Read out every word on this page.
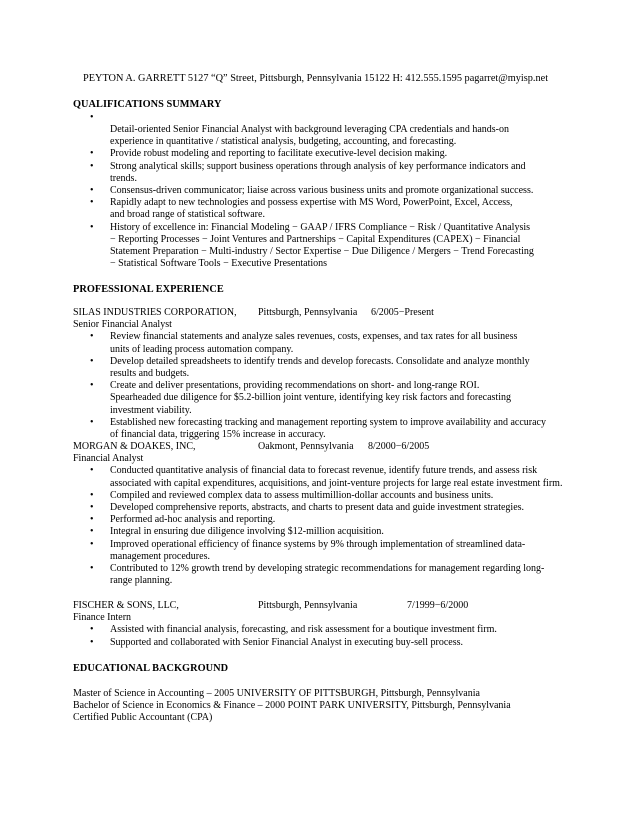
PEYTON A. GARRETT 5127 “Q” Street, Pittsburgh, Pennsylvania 15122 H: 412.555.1595 pagarret@myisp.net
QUALIFICATIONS SUMMARY
•
Detail-oriented Senior Financial Analyst with background leveraging CPA credentials and hands-on experience in quantitative / statistical analysis, budgeting, accounting, and forecasting.
• Provide robust modeling and reporting to facilitate executive-level decision making.
• Strong analytical skills; support business operations through analysis of key performance indicators and trends.
• Consensus-driven communicator; liaise across various business units and promote organizational success.
• Rapidly adapt to new technologies and possess expertise with MS Word, PowerPoint, Excel, Access, and broad range of statistical software.
• History of excellence in: Financial Modeling − GAAP / IFRS Compliance − Risk / Quantitative Analysis − Reporting Processes − Joint Ventures and Partnerships − Capital Expenditures (CAPEX) − Financial Statement Preparation − Multi-industry / Sector Expertise − Due Diligence / Mergers − Trend Forecasting − Statistical Software Tools − Executive Presentations
PROFESSIONAL EXPERIENCE
SILAS INDUSTRIES CORPORATION, Pittsburgh, Pennsylvania 6/2005−Present
Senior Financial Analyst
• Review financial statements and analyze sales revenues, costs, expenses, and tax rates for all business units of leading process automation company.
• Develop detailed spreadsheets to identify trends and develop forecasts. Consolidate and analyze monthly results and budgets.
• Create and deliver presentations, providing recommendations on short- and long-range ROI. Spearheaded due diligence for $5.2-billion joint venture, identifying key risk factors and forecasting investment viability.
• Established new forecasting tracking and management reporting system to improve availability and accuracy of financial data, triggering 15% increase in accuracy.
MORGAN & DOAKES, INC,	Oakmont, Pennsylvania 8/2000−6/2005
Financial Analyst
• Conducted quantitative analysis of financial data to forecast revenue, identify future trends, and assess risk associated with capital expenditures, acquisitions, and joint-venture projects for large real estate investment firm.
• Compiled and reviewed complex data to assess multimillion-dollar accounts and business units.
• Developed comprehensive reports, abstracts, and charts to present data and guide investment strategies.
• Performed ad-hoc analysis and reporting.
• Integral in ensuring due diligence involving $12-million acquisition.
• Improved operational efficiency of finance systems by 9% through implementation of streamlined data-management procedures.
• Contributed to 12% growth trend by developing strategic recommendations for management regarding long-range planning.
FISCHER & SONS, LLC,	Pittsburgh, Pennsylvania	7/1999−6/2000
Finance Intern
• Assisted with financial analysis, forecasting, and risk assessment for a boutique investment firm.
• Supported and collaborated with Senior Financial Analyst in executing buy-sell process.
EDUCATIONAL BACKGROUND
Master of Science in Accounting – 2005 UNIVERSITY OF PITTSBURGH, Pittsburgh, Pennsylvania
Bachelor of Science in Economics & Finance – 2000 POINT PARK UNIVERSITY, Pittsburgh, Pennsylvania
Certified Public Accountant (CPA)
